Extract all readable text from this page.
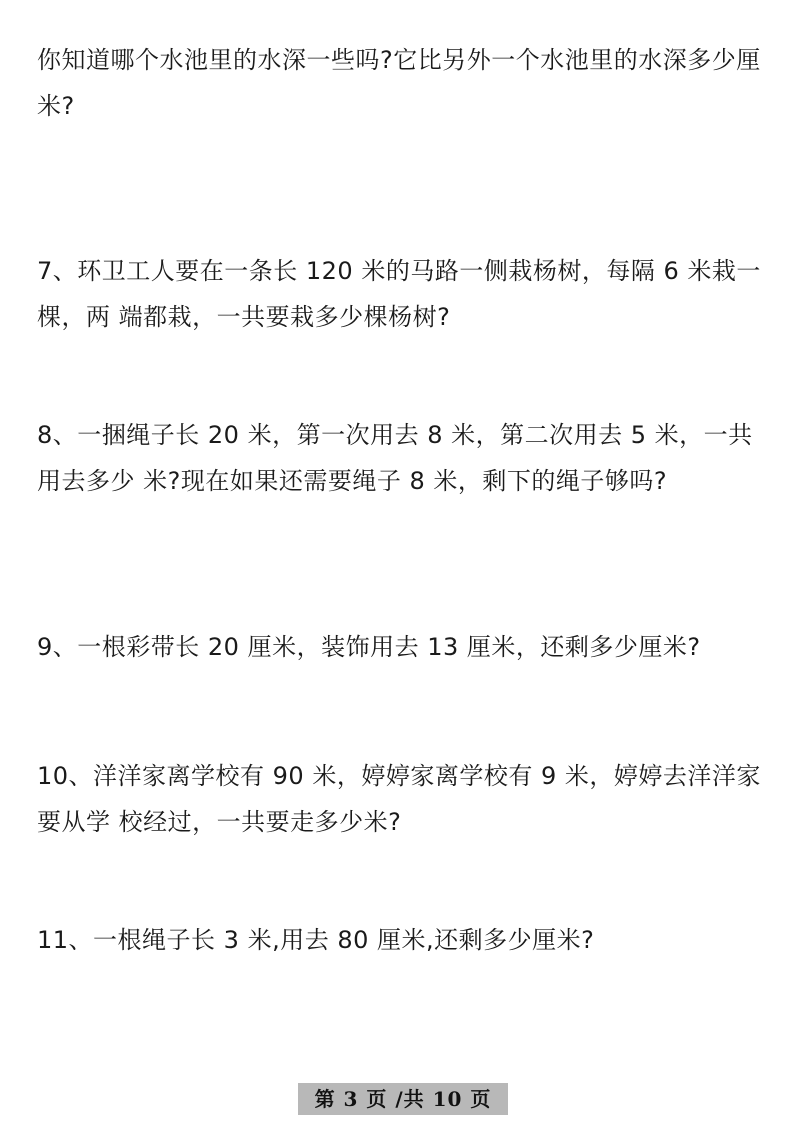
你知道哪个水池里的水深一些吗?它比另外一个水池里的水深多少厘
米?

7、环卫工人要在一条长 120 米的马路一侧栽杨树，每隔 6 米栽一
棵，两 端都栽，一共要栽多少棵杨树?

8、一捆绳子长 20 米，第一次用去 8 米，第二次用去 5 米，一共
用去多少 米?现在如果还需要绳子 8 米，剩下的绳子够吗?

9、一根彩带长 20 厘米，装饰用去 13 厘米，还剩多少厘米?

10、洋洋家离学校有 90 米，婷婷家离学校有 9 米，婷婷去洋洋家
要从学 校经过，一共要走多少米?

11、一根绳子长 3 米,用去 80 厘米,还剩多少厘米?

第 3 页 /共 10 页
